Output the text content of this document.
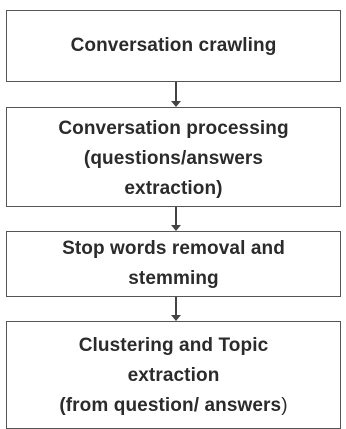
Conversation crawling
Conversation processing
(questions/answers
extraction)
Stop words removal and
stemming
Clustering and Topic
extraction
(from question/ answers)
